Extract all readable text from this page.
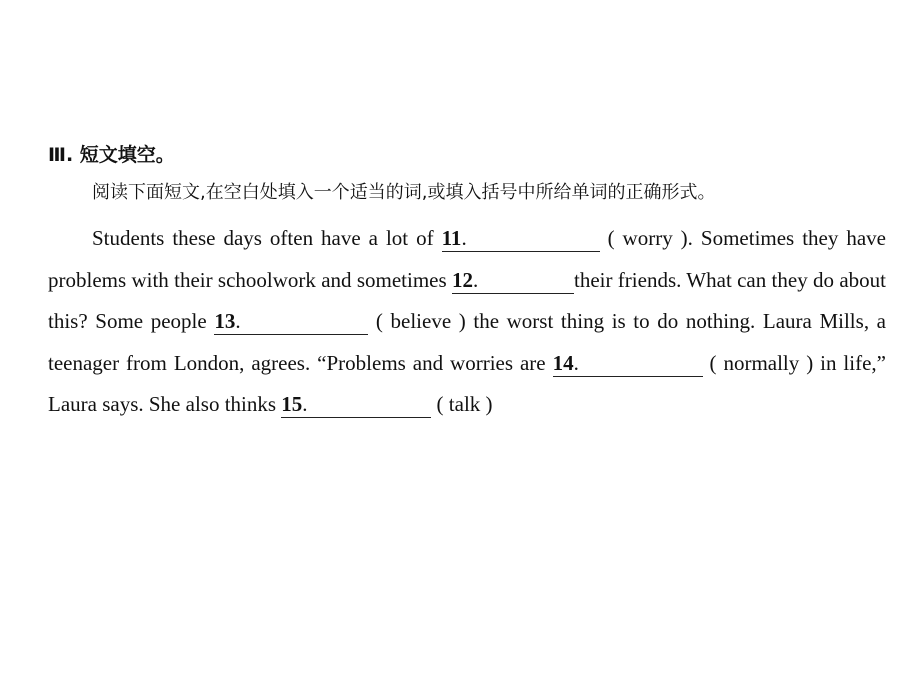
Ⅲ. 短文填空。
阅读下面短文,在空白处填入一个适当的词,或填入括号中所给单词的正确形式。
Students these days often have a lot of 11.	( worry ). Sometimes they have problems with their schoolwork and sometimes 12.	their friends. What can they do about this? Some people 13.	( believe ) the worst thing is to do nothing. Laura Mills, a teenager from London, agrees. “Problems and worries are 14.	( normally ) in life,” Laura says. She also thinks 15.	( talk )
